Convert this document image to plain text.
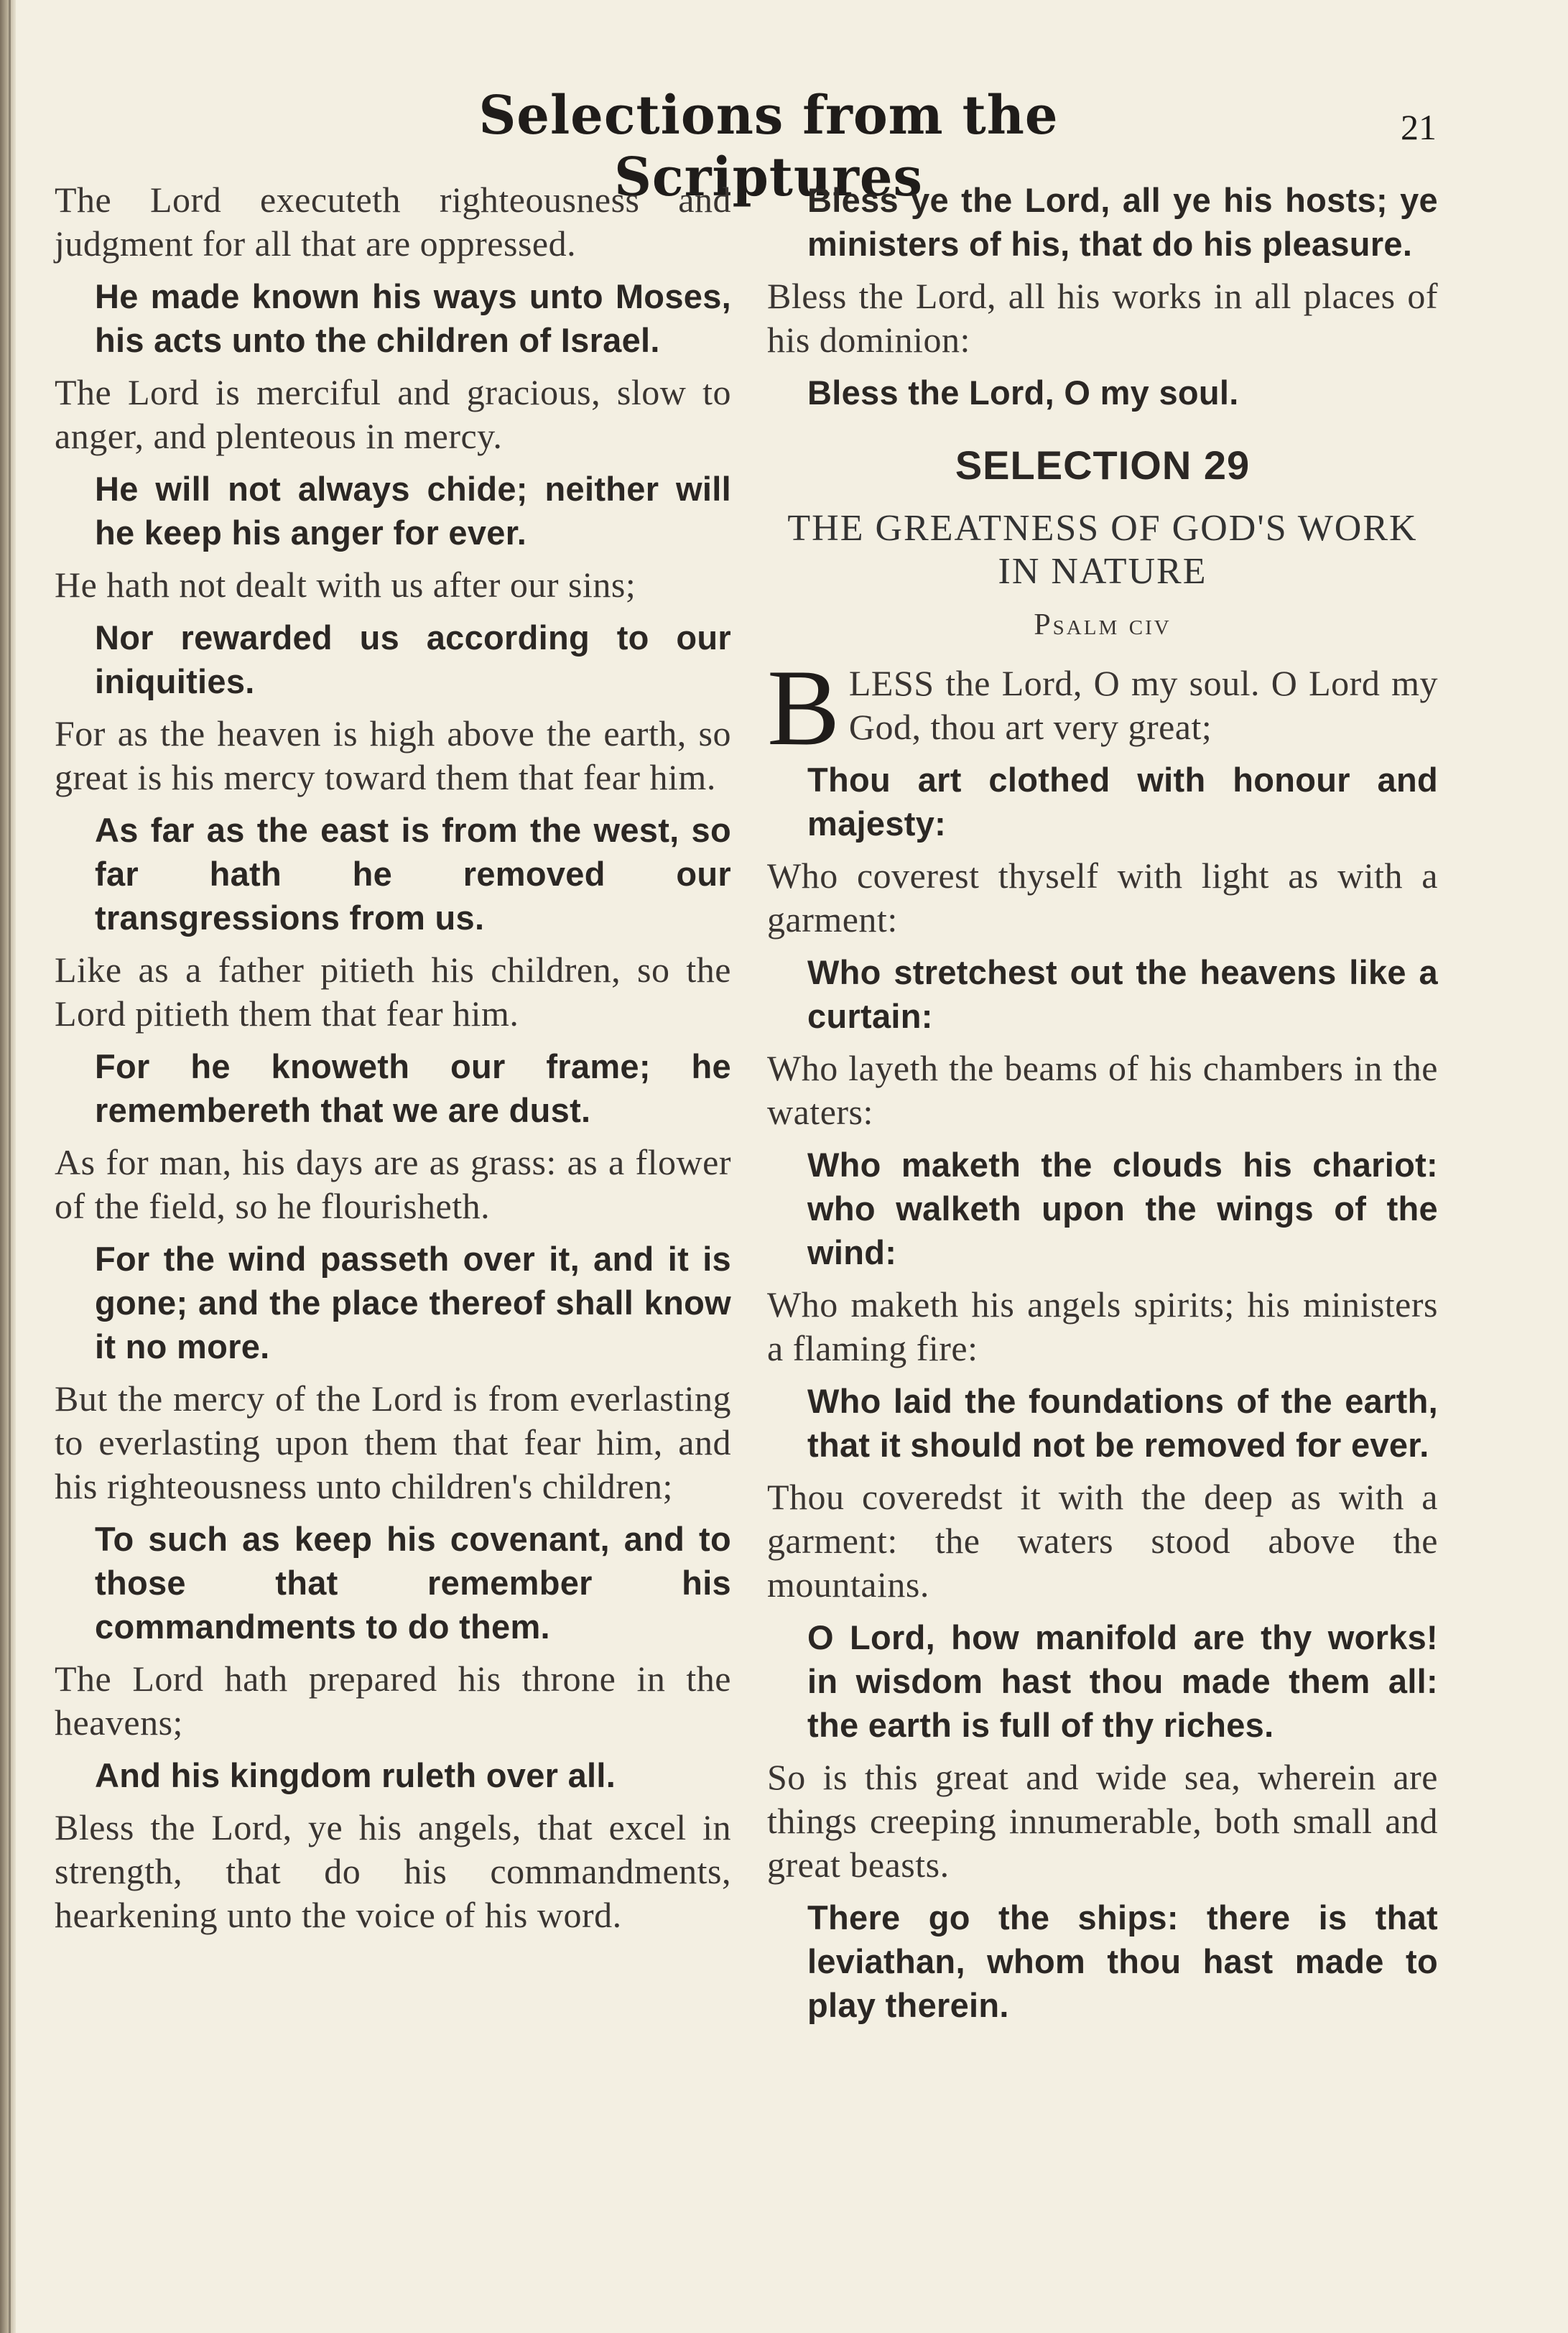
Selections from the Scriptures
21

The Lord executeth righteousness and judgment for all that are oppressed.

He made known his ways unto Moses, his acts unto the children of Israel.

The Lord is merciful and gracious, slow to anger, and plenteous in mercy.

He will not always chide; neither will he keep his anger for ever.

He hath not dealt with us after our sins;

Nor rewarded us according to our iniquities.

For as the heaven is high above the earth, so great is his mercy toward them that fear him.

As far as the east is from the west, so far hath he removed our transgressions from us.

Like as a father pitieth his children, so the Lord pitieth them that fear him.

For he knoweth our frame; he remembereth that we are dust.

As for man, his days are as grass: as a flower of the field, so he flourisheth.

For the wind passeth over it, and it is gone; and the place thereof shall know it no more.

But the mercy of the Lord is from everlasting to everlasting upon them that fear him, and his righteousness unto children's children;

To such as keep his covenant, and to those that remember his commandments to do them.

The Lord hath prepared his throne in the heavens;

And his kingdom ruleth over all.

Bless the Lord, ye his angels, that excel in strength, that do his commandments, hearkening unto the voice of his word.

Bless ye the Lord, all ye his hosts; ye ministers of his, that do his pleasure.

Bless the Lord, all his works in all places of his dominion:

Bless the Lord, O my soul.

SELECTION 29
THE GREATNESS OF GOD'S WORK IN NATURE
Psalm civ

BLESS the Lord, O my soul. O Lord my God, thou art very great;

Thou art clothed with honour and majesty:

Who coverest thyself with light as with a garment:

Who stretchest out the heavens like a curtain:

Who layeth the beams of his chambers in the waters:

Who maketh the clouds his chariot: who walketh upon the wings of the wind:

Who maketh his angels spirits; his ministers a flaming fire:

Who laid the foundations of the earth, that it should not be removed for ever.

Thou coveredst it with the deep as with a garment: the waters stood above the mountains.

O Lord, how manifold are thy works! in wisdom hast thou made them all: the earth is full of thy riches.

So is this great and wide sea, wherein are things creeping innumerable, both small and great beasts.

There go the ships: there is that leviathan, whom thou hast made to play therein.
